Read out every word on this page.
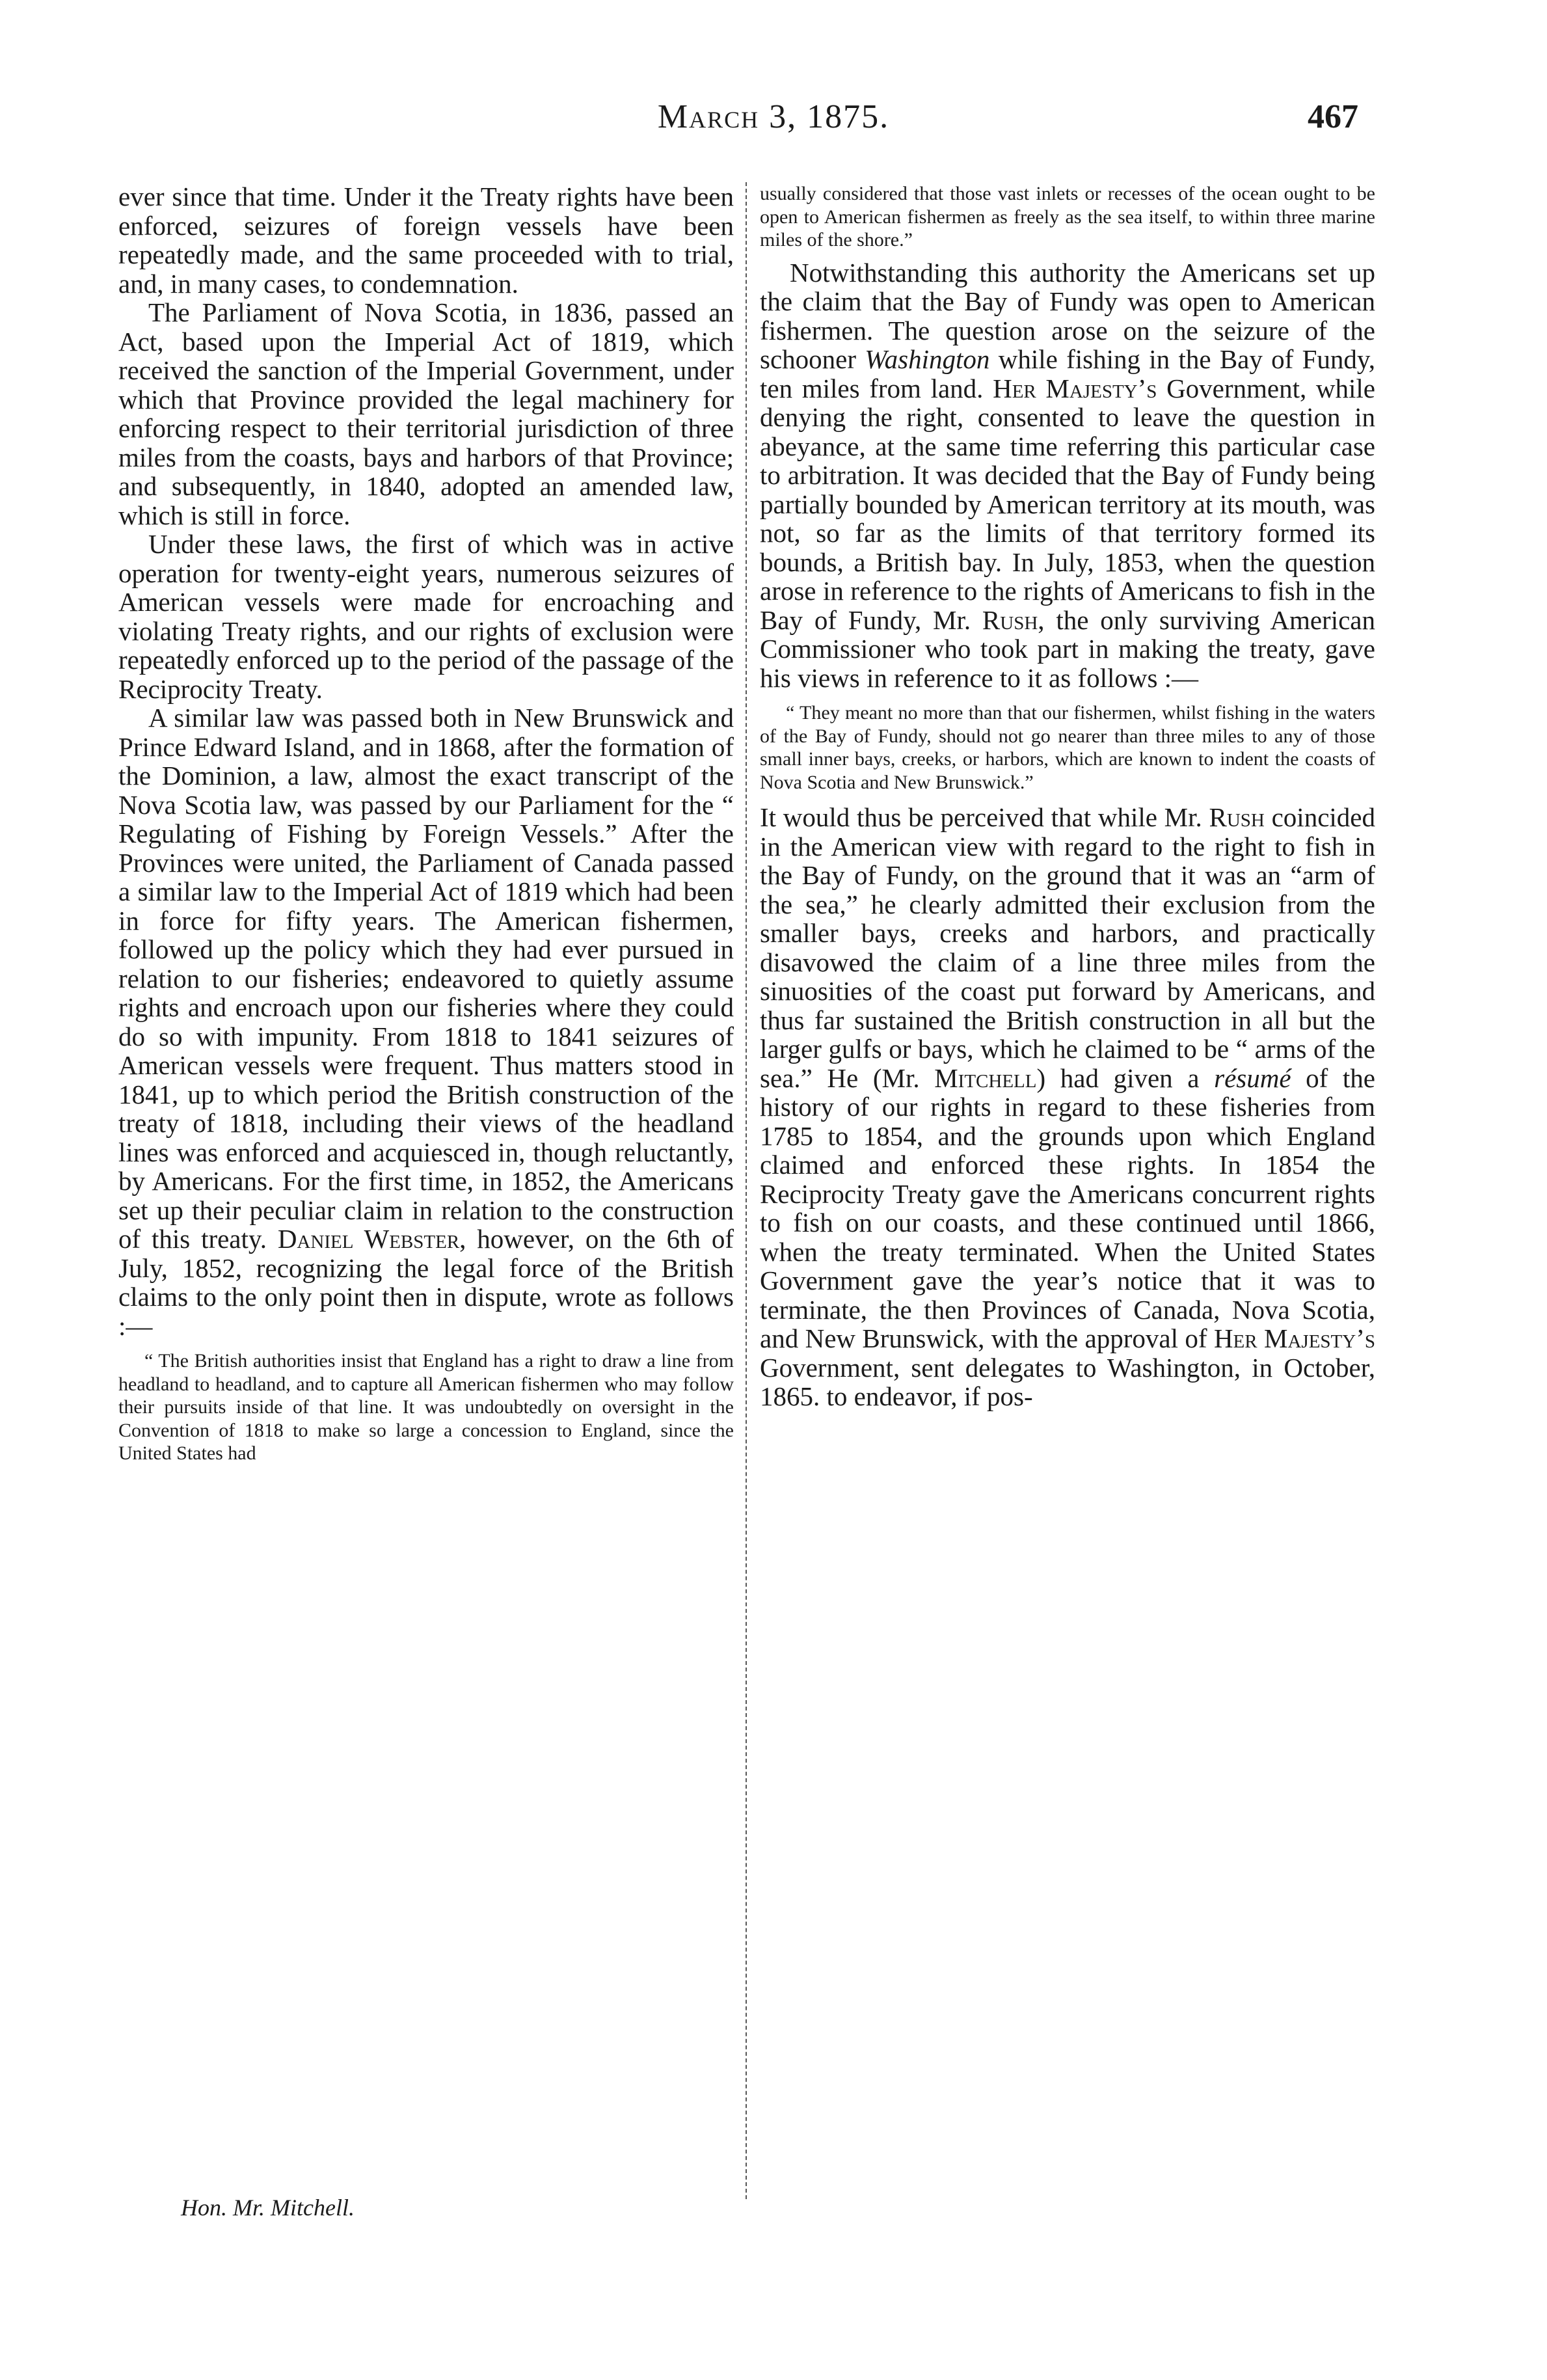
March 3, 1875.	467

ever since that time. Under it the Treaty rights have been enforced, seizures of foreign vessels have been repeatedly made, and the same proceeded with to trial, and, in many cases, to condemnation.

The Parliament of Nova Scotia, in 1836, passed an Act, based upon the Imperial Act of 1819, which received the sanction of the Imperial Government, under which that Province provided the legal machinery for enforcing respect to their territorial jurisdiction of three miles from the coasts, bays and harbors of that Province; and subsequently, in 1840, adopted an amended law, which is still in force.

Under these laws, the first of which was in active operation for twenty-eight years, numerous seizures of American vessels were made for encroaching and violating Treaty rights, and our rights of exclusion were repeatedly enforced up to the period of the passage of the Reciprocity Treaty.

A similar law was passed both in New Brunswick and Prince Edward Island, and in 1868, after the formation of the Dominion, a law, almost the exact transcript of the Nova Scotia law, was passed by our Parliament for the “ Regulating of Fishing by Foreign Vessels.” After the Provinces were united, the Parliament of Canada passed a similar law to the Imperial Act of 1819 which had been in force for fifty years. The American fishermen, followed up the policy which they had ever pursued in relation to our fisheries; endeavored to quietly assume rights and encroach upon our fisheries where they could do so with impunity. From 1818 to 1841 seizures of American vessels were frequent. Thus matters stood in 1841, up to which period the British construction of the treaty of 1818, including their views of the headland lines was enforced and acquiesced in, though reluctantly, by Americans. For the first time, in 1852, the Americans set up their peculiar claim in relation to the construction of this treaty. Daniel Webster, however, on the 6th of July, 1852, recognizing the legal force of the British claims to the only point then in dispute, wrote as follows :—

“ The British authorities insist that England has a right to draw a line from headland to headland, and to capture all American fishermen who may follow their pursuits inside of that line. It was undoubtedly on oversight in the Convention of 1818 to make so large a concession to England, since the United States had

usually considered that those vast inlets or recesses of the ocean ought to be open to American fishermen as freely as the sea itself, to within three marine miles of the shore.”

Notwithstanding this authority the Americans set up the claim that the Bay of Fundy was open to American fishermen. The question arose on the seizure of the schooner Washington while fishing in the Bay of Fundy, ten miles from land. Her Majesty’s Government, while denying the right, consented to leave the question in abeyance, at the same time referring this particular case to arbitration. It was decided that the Bay of Fundy being partially bounded by American territory at its mouth, was not, so far as the limits of that territory formed its bounds, a British bay. In July, 1853, when the question arose in reference to the rights of Americans to fish in the Bay of Fundy, Mr. Rush, the only surviving American Commissioner who took part in making the treaty, gave his views in reference to it as follows :—

“ They meant no more than that our fishermen, whilst fishing in the waters of the Bay of Fundy, should not go nearer than three miles to any of those small inner bays, creeks, or harbors, which are known to indent the coasts of Nova Scotia and New Brunswick.”

It would thus be perceived that while Mr. Rush coincided in the American view with regard to the right to fish in the Bay of Fundy, on the ground that it was an “arm of the sea,” he clearly admitted their exclusion from the smaller bays, creeks and harbors, and practically disavowed the claim of a line three miles from the sinuosities of the coast put forward by Americans, and thus far sustained the British construction in all but the larger gulfs or bays, which he claimed to be “ arms of the sea.” He (Mr. Mitchell) had given a résumé of the history of our rights in regard to these fisheries from 1785 to 1854, and the grounds upon which England claimed and enforced these rights. In 1854 the Reciprocity Treaty gave the Americans concurrent rights to fish on our coasts, and these continued until 1866, when the treaty terminated. When the United States Government gave the year’s notice that it was to terminate, the then Provinces of Canada, Nova Scotia, and New Brunswick, with the approval of Her Majesty’s Government, sent delegates to Washington, in October, 1865. to endeavor, if pos-

Hon. Mr. Mitchell.
